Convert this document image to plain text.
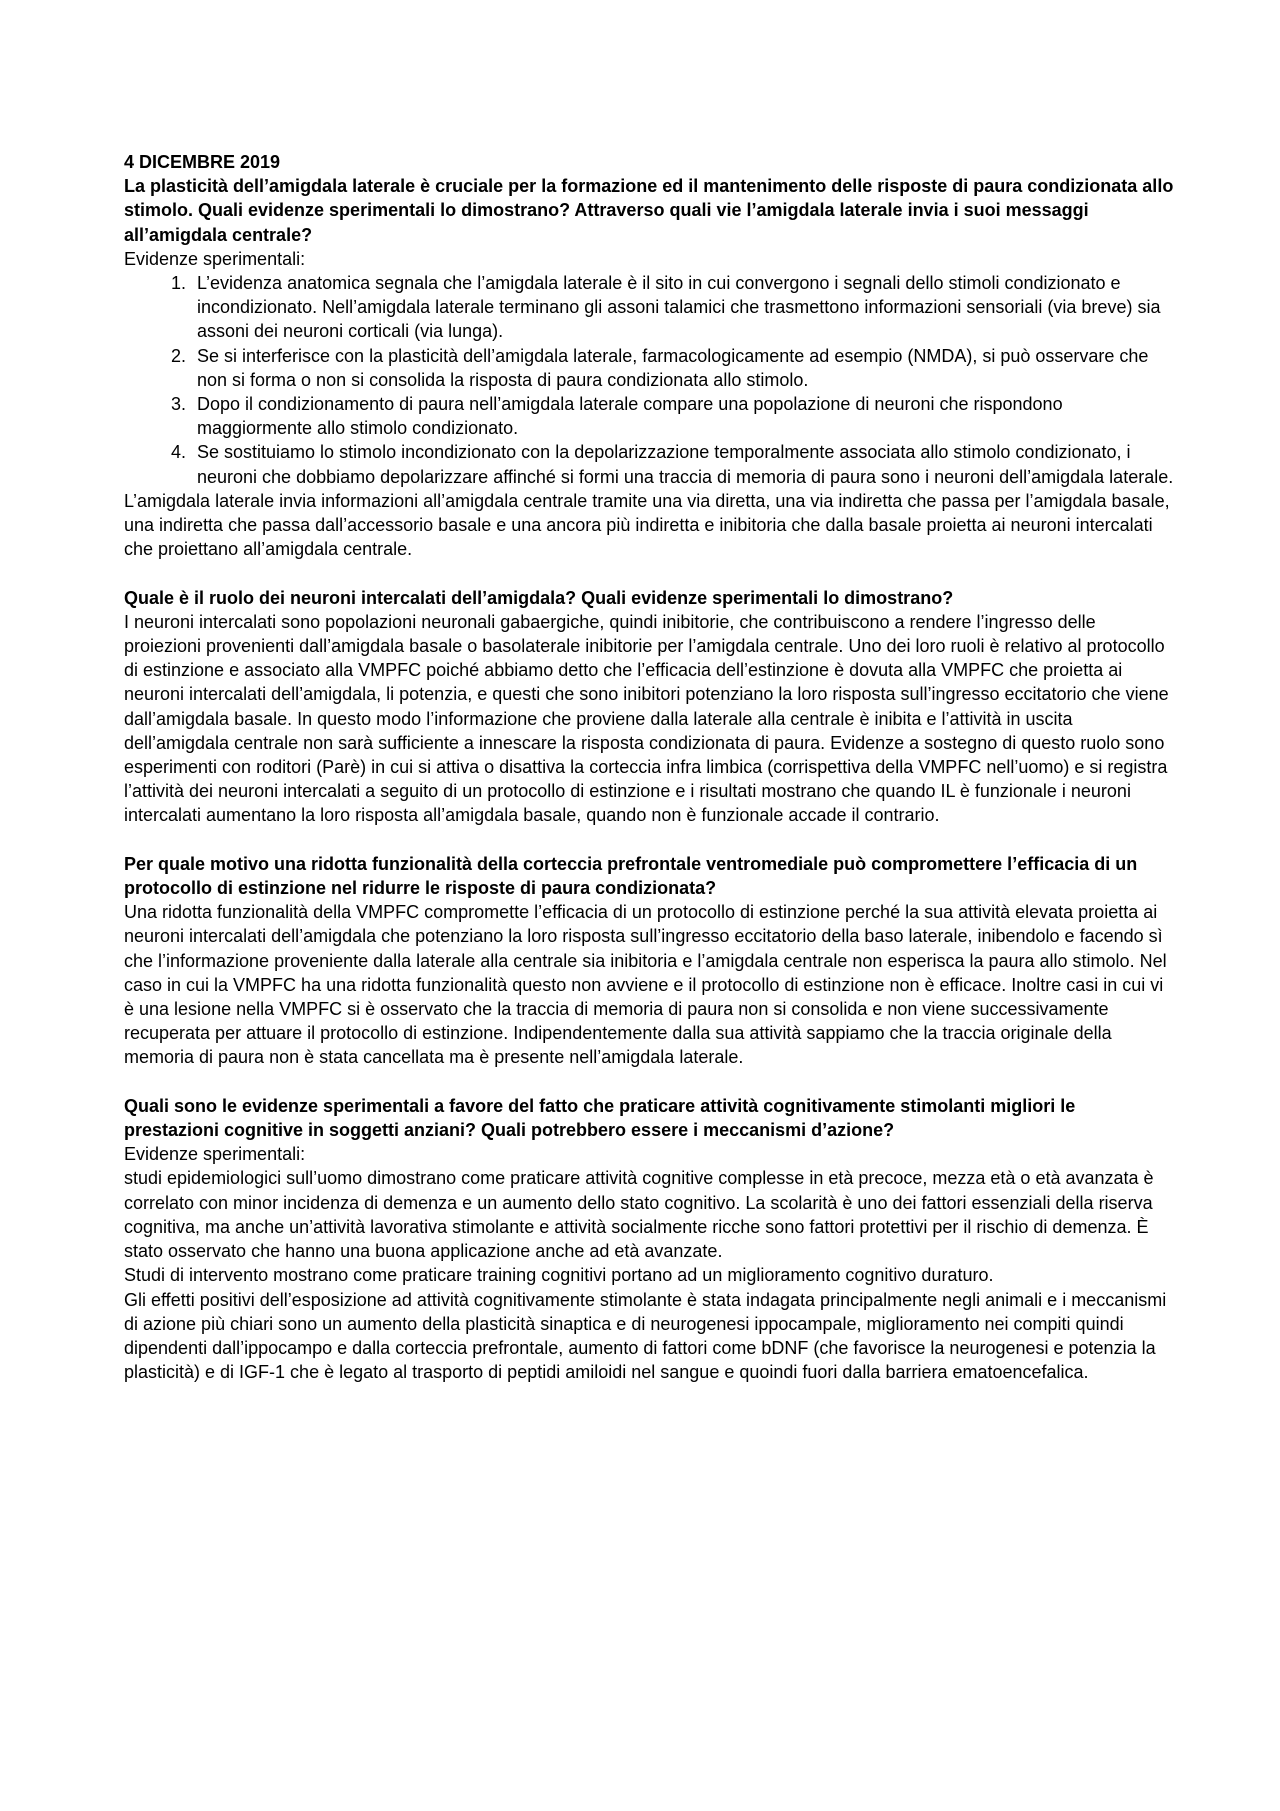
4 DICEMBRE 2019

La plasticità dell’amigdala laterale è cruciale per la formazione ed il mantenimento delle risposte di paura condizionata allo stimolo. Quali evidenze sperimentali lo dimostrano? Attraverso quali vie l’amigdala laterale invia i suoi messaggi all’amigdala centrale?

Evidenze sperimentali:

1. L’evidenza anatomica segnala che l’amigdala laterale è il sito in cui convergono i segnali dello stimoli condizionato e incondizionato. Nell’amigdala laterale terminano gli assoni talamici che trasmettono informazioni sensoriali (via breve) sia assoni dei neuroni corticali (via lunga).
2. Se si interferisce con la plasticità dell’amigdala laterale, farmacologicamente ad esempio (NMDA), si può osservare che non si forma o non si consolida la risposta di paura condizionata allo stimolo.
3. Dopo il condizionamento di paura nell’amigdala laterale compare una popolazione di neuroni che rispondono maggiormente allo stimolo condizionato.
4. Se sostituiamo lo stimolo incondizionato con la depolarizzazione temporalmente associata allo stimolo condizionato, i neuroni che dobbiamo depolarizzare affinché si formi una traccia di memoria di paura sono i neuroni dell’amigdala laterale.

L’amigdala laterale invia informazioni all’amigdala centrale tramite una via diretta, una via indiretta che passa per l’amigdala basale, una indiretta che passa dall’accessorio basale e una ancora più indiretta e inibitoria che dalla basale proietta ai neuroni intercalati che proiettano all’amigdala centrale.

Quale è il ruolo dei neuroni intercalati dell’amigdala? Quali evidenze sperimentali lo dimostrano?

I neuroni intercalati sono popolazioni neuronali gabaergiche, quindi inibitorie, che contribuiscono a rendere l’ingresso delle proiezioni provenienti dall’amigdala basale o basolaterale inibitorie per l’amigdala centrale. Uno dei loro ruoli è relativo al protocollo di estinzione e associato alla VMPFC poiché abbiamo detto che l’efficacia dell’estinzione è dovuta alla VMPFC che proietta ai neuroni intercalati dell’amigdala, li potenzia, e questi che sono inibitori potenziano la loro risposta sull’ingresso eccitatorio che viene dall’amigdala basale. In questo modo l’informazione che proviene dalla laterale alla centrale è inibita e l’attività in uscita dell’amigdala centrale non sarà sufficiente a innescare la risposta condizionata di paura. Evidenze a sostegno di questo ruolo sono esperimenti con roditori (Parè) in cui si attiva o disattiva la corteccia infra limbica (corrispettiva della VMPFC nell’uomo) e si registra l’attività dei neuroni intercalati a seguito di un protocollo di estinzione e i risultati mostrano che quando IL è funzionale i neuroni intercalati aumentano la loro risposta all’amigdala basale, quando non è funzionale accade il contrario.

Per quale motivo una ridotta funzionalità della corteccia prefrontale ventromediale può compromettere l’efficacia di un protocollo di estinzione nel ridurre le risposte di paura condizionata?

Una ridotta funzionalità della VMPFC compromette l’efficacia di un protocollo di estinzione perché la sua attività elevata proietta ai neuroni intercalati dell’amigdala che potenziano la loro risposta sull’ingresso eccitatorio della baso laterale, inibendolo e facendo sì che l’informazione proveniente dalla laterale alla centrale sia inibitoria e l’amigdala centrale non esperisca la paura allo stimolo. Nel caso in cui la VMPFC ha una ridotta funzionalità questo non avviene e il protocollo di estinzione non è efficace. Inoltre casi in cui vi è una lesione nella VMPFC si è osservato che la traccia di memoria di paura non si consolida e non viene successivamente recuperata per attuare il protocollo di estinzione. Indipendentemente dalla sua attività sappiamo che la traccia originale della memoria di paura non è stata cancellata ma è presente nell’amigdala laterale.

Quali sono le evidenze sperimentali a favore del fatto che praticare attività cognitivamente stimolanti migliori le prestazioni cognitive in soggetti anziani? Quali potrebbero essere i meccanismi d’azione?

Evidenze sperimentali:

studi epidemiologici sull’uomo dimostrano come praticare attività cognitive complesse in età precoce, mezza età o età avanzata è correlato con minor incidenza di demenza e un aumento dello stato cognitivo. La scolarità è uno dei fattori essenziali della riserva cognitiva, ma anche un’attività lavorativa stimolante e attività socialmente ricche sono fattori protettivi per il rischio di demenza. È stato osservato che hanno una buona applicazione anche ad età avanzate.

Studi di intervento mostrano come praticare training cognitivi portano ad un miglioramento cognitivo duraturo.

Gli effetti positivi dell’esposizione ad attività cognitivamente stimolante è stata indagata principalmente negli animali e i meccanismi di azione più chiari sono un aumento della plasticità sinaptica e di neurogenesi ippocampale, miglioramento nei compiti quindi dipendenti dall’ippocampo e dalla corteccia prefrontale, aumento di fattori come bDNF (che favorisce la neurogenesi e potenzia la plasticità) e di IGF-1 che è legato al trasporto di peptidi amiloidi nel sangue e quoindi fuori dalla barriera ematoencefalica.
